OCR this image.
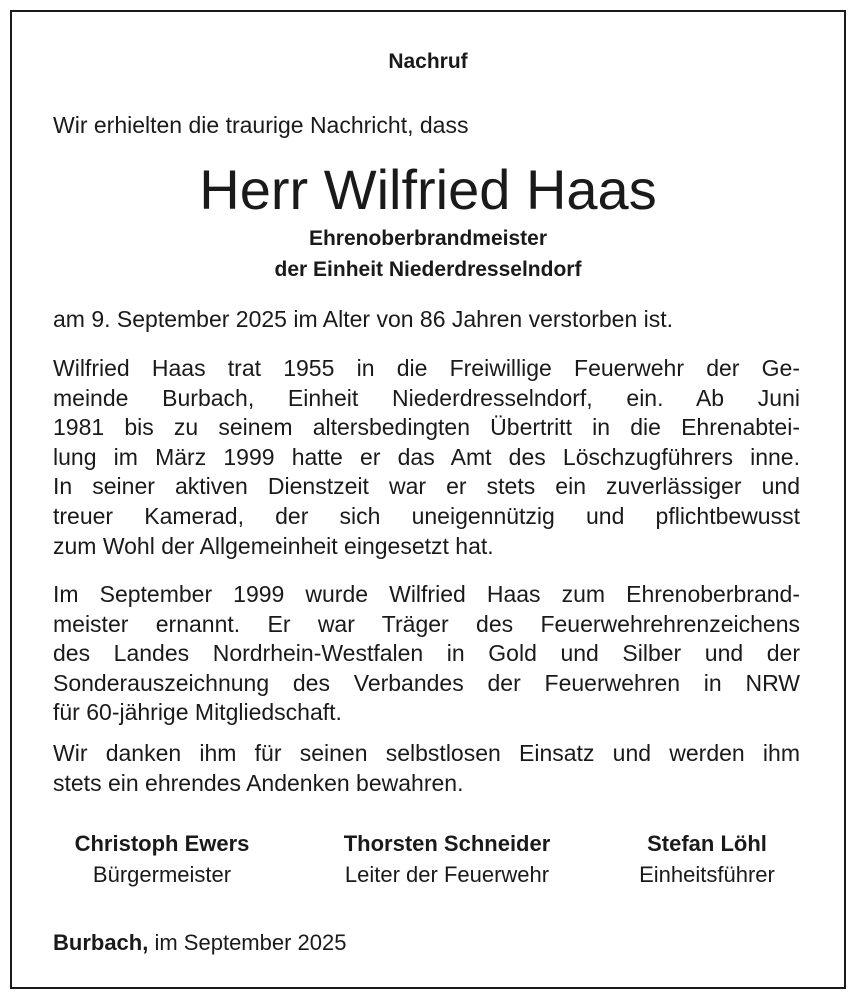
Nachruf
Wir erhielten die traurige Nachricht, dass
Herr Wilfried Haas
Ehrenoberbrandmeister
der Einheit Niederdresselndorf
am 9. September 2025 im Alter von 86 Jahren verstorben ist.
Wilfried Haas trat 1955 in die Freiwillige Feuerwehr der Ge-
meinde Burbach, Einheit Niederdresselndorf, ein. Ab Juni
1981 bis zu seinem altersbedingten Übertritt in die Ehrenabtei-
lung im März 1999 hatte er das Amt des Löschzugführers inne.
In seiner aktiven Dienstzeit war er stets ein zuverlässiger und
treuer Kamerad, der sich uneigennützig und pflichtbewusst
zum Wohl der Allgemeinheit eingesetzt hat.
Im September 1999 wurde Wilfried Haas zum Ehrenoberbrand-
meister ernannt. Er war Träger des Feuerwehrehrenzeichens
des Landes Nordrhein-Westfalen in Gold und Silber und der
Sonderauszeichnung des Verbandes der Feuerwehren in NRW
für 60-jährige Mitgliedschaft.
Wir danken ihm für seinen selbstlosen Einsatz und werden ihm
stets ein ehrendes Andenken bewahren.
Christoph Ewers
Bürgermeister
Thorsten Schneider
Leiter der Feuerwehr
Stefan Löhl
Einheitsführer
Burbach, im September 2025
